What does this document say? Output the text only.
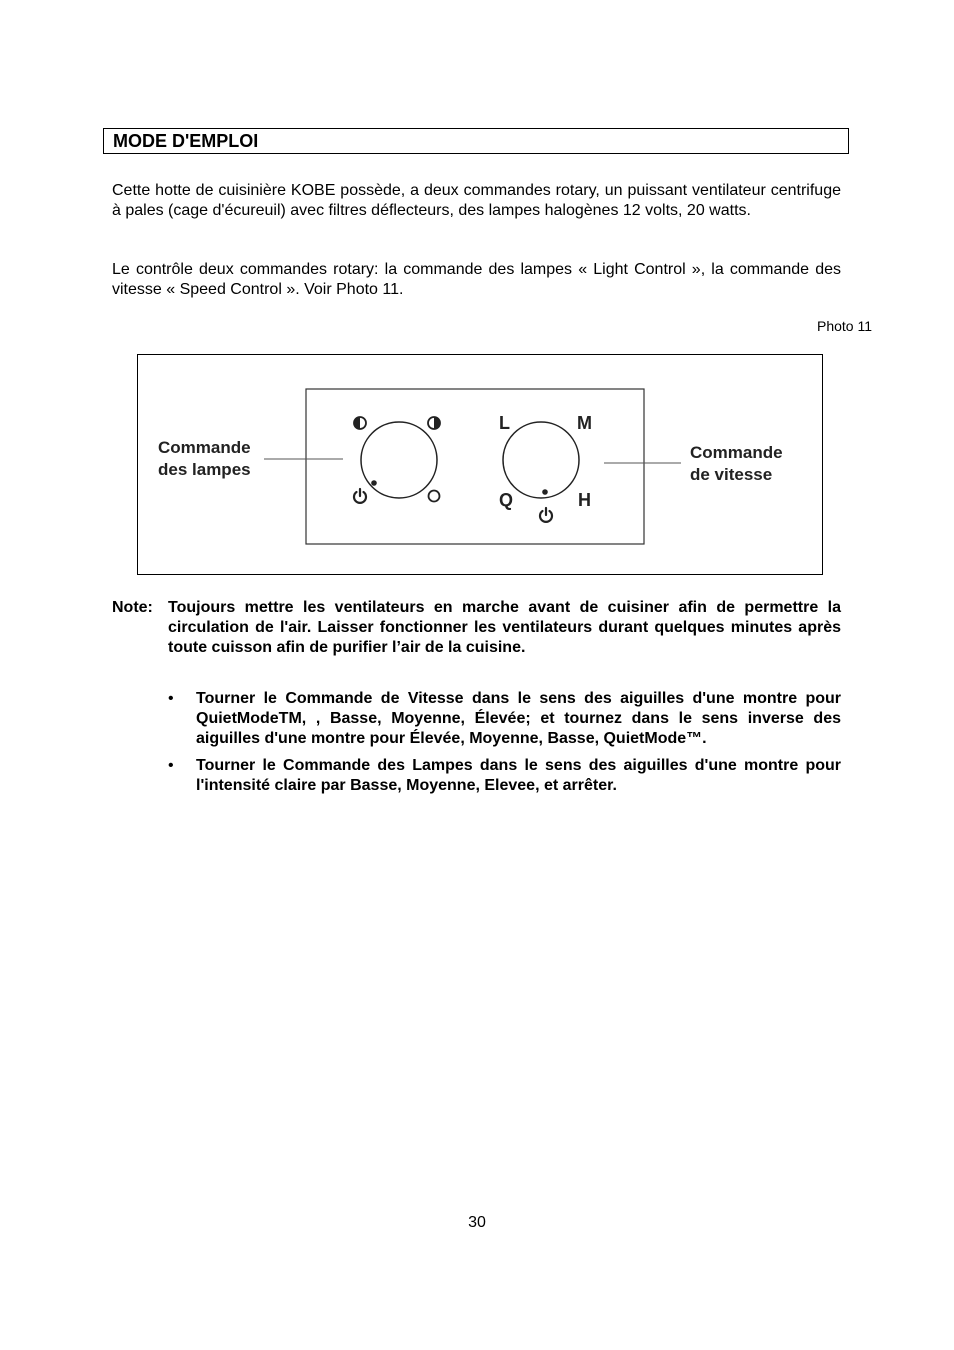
MODE D'EMPLOI
Cette hotte de cuisinière KOBE possède, a deux commandes rotary, un puissant ventilateur centrifuge à pales (cage d'écureuil) avec filtres déflecteurs, des lampes halogènes 12 volts, 20 watts.
Le contrôle deux commandes rotary: la commande des lampes « Light Control », la commande des vitesse « Speed Control ». Voir Photo 11.
Photo 11
Commande
des lampes
L	M
Q	H
Commande
de vitesse
Note: Toujours mettre les ventilateurs en marche avant de cuisiner afin de permettre la circulation de l'air. Laisser fonctionner les ventilateurs durant quelques minutes après toute cuisson afin de purifier l’air de la cuisine.
• Tourner le Commande de Vitesse dans le sens des aiguilles d'une montre pour QuietModeTM, , Basse, Moyenne, Élevée; et tournez dans le sens inverse des aiguilles d'une montre pour Élevée, Moyenne, Basse, QuietMode™.
• Tourner le Commande des Lampes dans le sens des aiguilles d'une montre pour l'intensité claire par Basse, Moyenne, Elevee, et arrêter.
30
